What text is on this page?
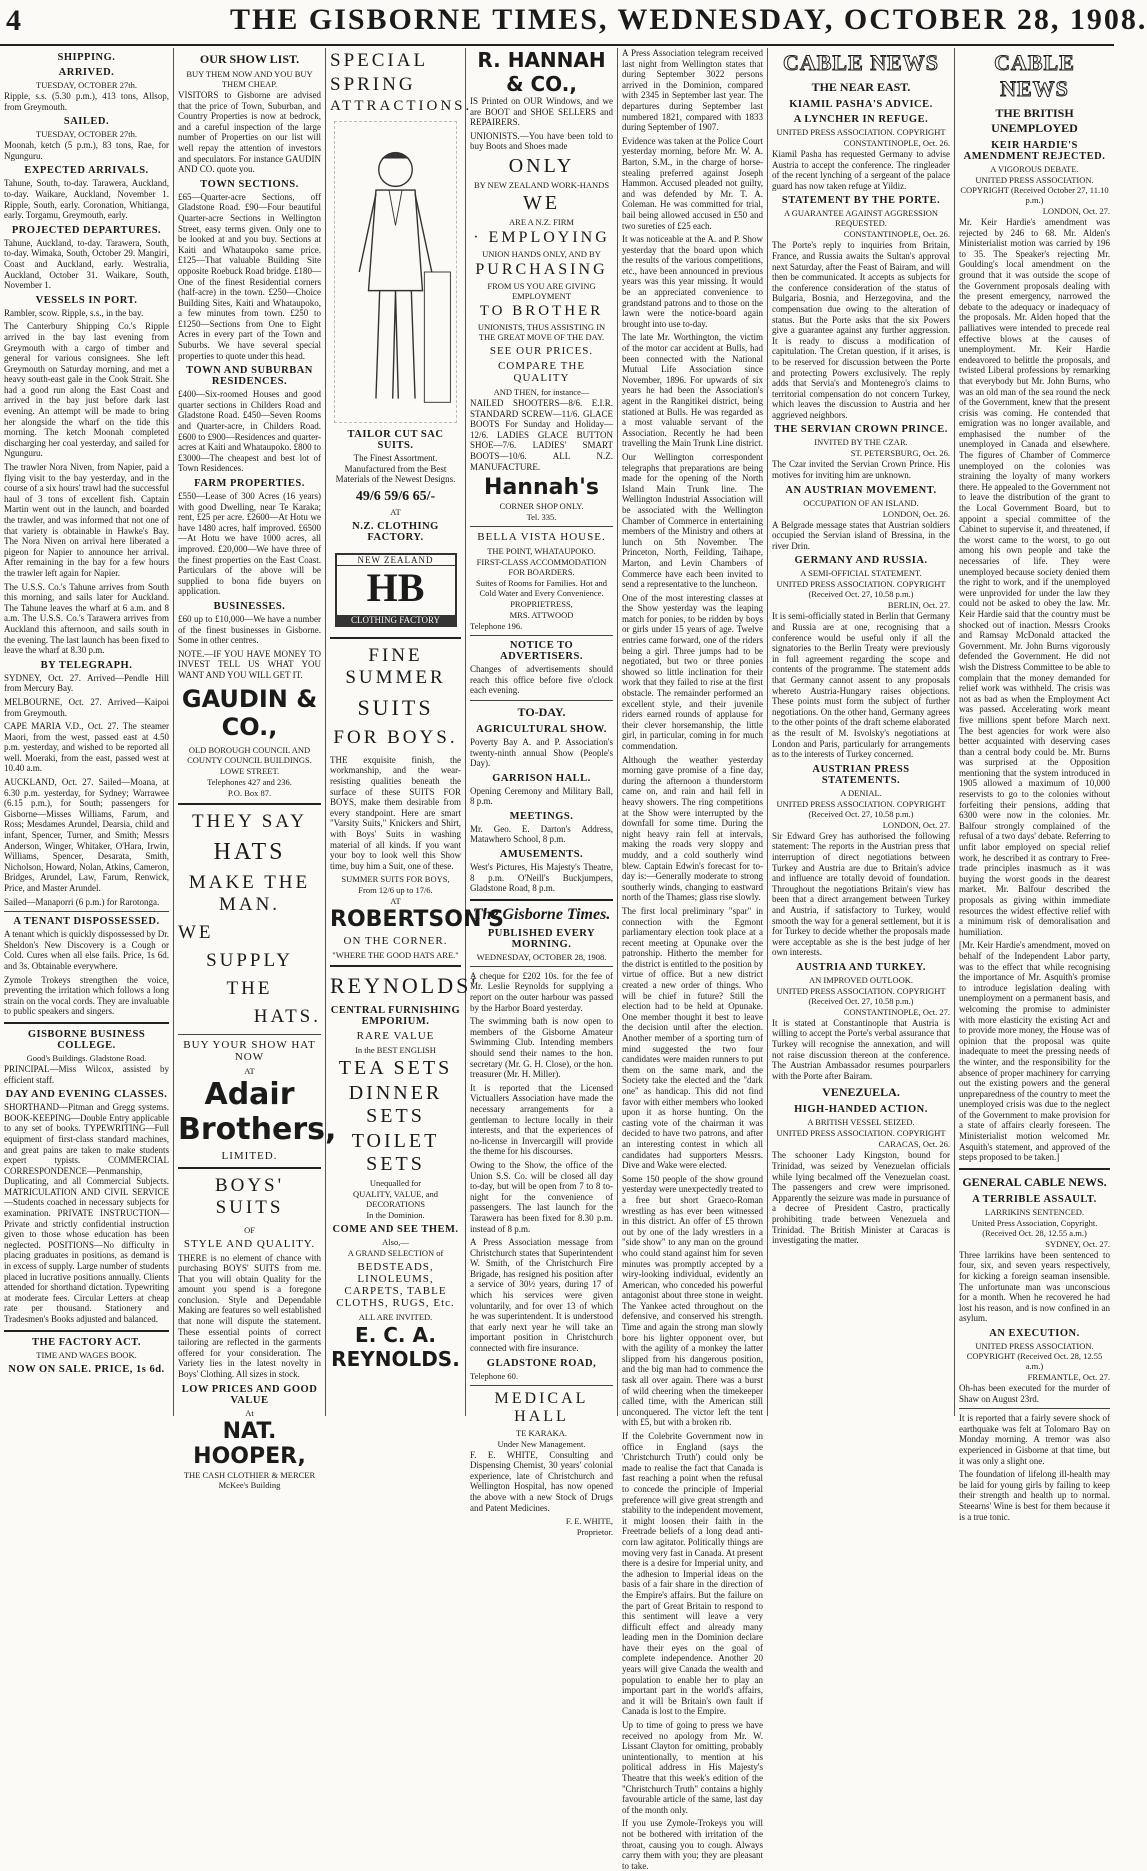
4	THE GISBORNE TIMES, WEDNESDAY, OCTOBER 28, 1908.
SHIPPING.
ARRIVED.
TUESDAY, OCTOBER 27th.

Ripple, s.s. (5.30 p.m.), 413 tons, Allsop, from Greymouth.

SAILED.
TUESDAY, OCTOBER 27th.

Moonah, ketch (5 p.m.), 83 tons, Rae, for Ngunguru.

EXPECTED ARRIVALS.

Tahune, South, to-day. Tarawera, Auckland, to-day. Waikare, Auckland, November 1. Ripple, South, early. Coronation, Whitianga, early. Torgamu, Greymouth, early.

PROJECTED DEPARTURES.

Tahune, Auckland, to-day. Tarawera, South, to-day. Wimaka, South, October 29. Mangiri, Coast and Auckland, early. Westralia, Auckland, October 31. Waikare, South, November 1.

VESSELS IN PORT.

Rambler, scow. Ripple, s.s., in the bay.

The Canterbury Shipping Co.'s Ripple arrived in the bay last evening from Greymouth with a cargo of timber and general for various consignees. She left Greymouth on Saturday morning, and met a heavy south-east gale in the Cook Strait. She had a good run along the East Coast and arrived in the bay just before dark last evening. An attempt will be made to bring her alongside the wharf on the tide this morning. The ketch Moonah completed discharging her coal yesterday, and sailed for Ngunguru.

The trawler Nora Niven, from Napier, paid a flying visit to the bay yesterday, and in the course of a six hours' trawl had the successful haul of 3 tons of excellent fish. Captain Martin went out in the launch, and boarded the trawler, and was informed that not one of that variety is obtainable in Hawke's Bay. The Nora Niven on arrival here liberated a pigeon for Napier to announce her arrival. After remaining in the bay for a few hours the trawler left again for Napier.

The U.S.S. Co.'s Tahune arrives from South this morning, and sails later for Auckland. The Tahune leaves the wharf at 6 a.m. and 8 a.m. The U.S.S. Co.'s Tarawera arrives from Auckland this afternoon, and sails south in the evening. The last launch has been fixed to leave the wharf at 8.30 p.m.

BY TELEGRAPH.

SYDNEY, Oct. 27. Arrived—Pendle Hill from Mercury Bay.

MELBOURNE, Oct. 27. Arrived—Kaipoi from Greymouth.

CAPE MARIA V.D., Oct. 27. The steamer Maori, from the west, passed east at 4.50 p.m. yesterday, and wished to be reported all well. Moeraki, from the east, passed west at 10.40 a.m.

AUCKLAND, Oct. 27. Sailed—Moana, at 6.30 p.m. yesterday, for Sydney; Warrawee (6.15 p.m.), for South; passengers for Gisborne—Misses Williams, Farum, and Ross; Mesdames Arundel, Dearsia, child and infant, Spencer, Turner, and Smith; Messrs Anderson, Winger, Whitaker, O'Hara, Irwin, Williams, Spencer, Desarata, Smith, Nicholson, Howard, Nolan, Atkins, Cameron, Bridges, Arundel, Law, Farum, Renwick, Price, and Master Arundel.

Sailed—Manaporri (6 p.m.) for Rarotonga.

A TENANT DISPOSSESSED.

A tenant which is quickly dispossessed by Dr. Sheldon's New Discovery is a Cough or Cold. Cures when all else fails. Price, 1s 6d. and 3s. Obtainable everywhere.

Zymole Trokeys strengthen the voice, preventing the irritation which follows a long strain on the vocal cords. They are invaluable to public speakers and singers.

GISBORNE BUSINESS COLLEGE.
Good's Buildings. Gladstone Road.

PRINCIPAL—Miss Wilcox, assisted by efficient staff.

DAY AND EVENING CLASSES.

SHORTHAND—Pitman and Gregg systems. BOOK-KEEPING—Double Entry applicable to any set of books. TYPEWRITING—Full equipment of first-class standard machines, and great pains are taken to make students expert typists. COMMERCIAL CORRESPONDENCE—Penmanship, Duplicating, and all Commercial Subjects. MATRICULATION AND CIVIL SERVICE—Students coached in necessary subjects for examination. PRIVATE INSTRUCTION—Private and strictly confidential instruction given to those whose education has been neglected. POSITIONS—No difficulty in placing graduates in positions, as demand is in excess of supply. Large number of students placed in lucrative positions annually. Clients attended for shorthand dictation. Typewriting at moderate fees. Circular Letters at cheap rate per thousand. Stationery and Tradesmen's Books adjusted and balanced.

THE FACTORY ACT.
TIME AND WAGES BOOK.
NOW ON SALE. PRICE, 1s 6d.
OUR SHOW LIST.
BUY THEM NOW AND YOU BUY THEM CHEAP.

VISITORS to Gisborne are advised that the price of Town, Suburban, and Country Properties is now at bedrock, and a careful inspection of the large number of Properties on our list will well repay the attention of investors and speculators. For instance GAUDIN AND CO. quote you.

TOWN SECTIONS.

£65—Quarter-acre Sections, off Gladstone Road. £90—Four beautiful Quarter-acre Sections in Wellington Street, easy terms given. Only one to be looked at and you buy. Sections at Kaiti and Whataupoko same price. £125—That valuable Building Site opposite Roebuck Road bridge. £180—One of the finest Residential corners (half-acre) in the town. £250—Choice Building Sites, Kaiti and Whataupoko, a few minutes from town. £250 to £1250—Sections from One to Eight Acres in every part of the Town and Suburbs. We have several special properties to quote under this head.

TOWN AND SUBURBAN RESIDENCES.

£400—Six-roomed Houses and good quarter sections in Childers Road and Gladstone Road. £450—Seven Rooms and Quarter-acre, in Childers Road. £600 to £900—Residences and quarter-acres at Kaiti and Whataupoko. £800 to £3000—The cheapest and best lot of Town Residences.

FARM PROPERTIES.

£550—Lease of 300 Acres (16 years) with good Dwelling, near Te Karaka; rent, £25 per acre. £2600—At Hotu we have 1480 acres, half improved. £6500—At Hotu we have 1000 acres, all improved. £20,000—We have three of the finest properties on the East Coast. Particulars of the above will be supplied to bona fide buyers on application.

BUSINESSES.

£60 up to £10,000—We have a number of the finest businesses in Gisborne. Some in other centres.

NOTE.—IF YOU HAVE MONEY TO INVEST TELL US WHAT YOU WANT AND YOU WILL GET IT.

GAUDIN & CO.,
OLD BOROUGH COUNCIL AND COUNTY COUNCIL BUILDINGS.
LOWE STREET.
Telephones 427 and 236.
P.O. Box 87.
THEY SAY
HATS
MAKE THE MAN.
WE
SUPPLY
THE
HATS.
BUY YOUR SHOW HAT NOW
AT
Adair
Brothers,
LIMITED.
BOYS' SUITS
OF
STYLE AND QUALITY.

THERE is no element of chance with purchasing BOYS' SUITS from me. That you will obtain Quality for the amount you spend is a foregone conclusion. Style and Dependable Making are features so well established that none will dispute the statement. These essential points of correct tailoring are reflected in the garments offered for your consideration. The Variety lies in the latest novelty in Boys' Clothing. All sizes in stock.

LOW PRICES AND GOOD VALUE
At
NAT. HOOPER,
THE CASH CLOTHIER & MERCER McKee's Building
SPECIAL
SPRING
ATTRACTIONS.
TAILOR CUT SAC SUITS.

The Finest Assortment. Manufactured from the Best Materials of the Newest Designs.

49/6 59/6 65/-
AT
N.Z. CLOTHING FACTORY.
NEW ZEALAND
HB
CLOTHING FACTORY
FINE SUMMER
SUITS
FOR BOYS.

THE exquisite finish, the workmanship, and the wear-resisting qualities beneath the surface of these SUITS FOR BOYS, make them desirable from every standpoint. Here are smart "Varsity Suits," Knickers and Shirt, with Boys' Suits in washing material of all kinds. If you want your boy to look well this Show time, buy him a Suit, one of these.

SUMMER SUITS FOR BOYS,
From 12/6 up to 17/6.
AT
ROBERTSON'S
ON THE CORNER.
"WHERE THE GOOD HATS ARE."
REYNOLDS'
CENTRAL FURNISHING EMPORIUM.
RARE VALUE
In the BEST ENGLISH
TEA SETS
DINNER SETS
TOILET SETS
Unequalled for
QUALITY, VALUE, and DECORATIONS
In the Dominion.
COME AND SEE THEM.
Also,—
A GRAND SELECTION of
BEDSTEADS, LINOLEUMS, CARPETS, TABLE CLOTHS, RUGS, Etc.
ALL ARE INVITED.
E. C. A. REYNOLDS.
R. HANNAH & CO.,

IS Printed on OUR Windows, and we are BOOT and SHOE SELLERS and REPAIRERS.

UNIONISTS.—You have been told to buy Boots and Shoes made

ONLY
BY NEW ZEALAND WORK-HANDS
WE
ARE A N.Z. FIRM
· EMPLOYING
UNION HANDS ONLY, AND BY
PURCHASING
FROM US YOU ARE GIVING EMPLOYMENT
TO BROTHER
UNIONISTS, THUS ASSISTING IN THE GREAT MOVE OF THE DAY.
SEE OUR PRICES.
COMPARE THE QUALITY
AND THEN, for instance—

NAILED SHOOTERS—8/6. E.I.R. STANDARD SCREW—11/6. GLACE BOOTS For Sunday and Holiday—12/6. LADIES GLACE BUTTON SHOE—7/6. LADIES' SMART BOOTS—10/6. ALL N.Z. MANUFACTURE.

Hannah's
CORNER SHOP ONLY.
Tel. 335.
BELLA VISTA HOUSE.
THE POINT, WHATAUPOKO.
FIRST-CLASS ACCOMMODATION FOR BOARDERS.
Suites of Rooms for Families. Hot and Cold Water and Every Convenience.
PROPRIETRESS,
MRS. ATTWOOD
Telephone 196.
NOTICE TO ADVERTISERS.

Changes of advertisements should reach this office before five o'clock each evening.

TO-DAY.
AGRICULTURAL SHOW.

Poverty Bay A. and P. Association's twenty-ninth annual Show (People's Day).

GARRISON HALL.

Opening Ceremony and Military Ball, 8 p.m.

MEETINGS.

Mr. Geo. E. Darton's Address, Matawhero School, 8 p.m.

AMUSEMENTS.

West's Pictures, His Majesty's Theatre, 8 p.m. O'Neill's Buckjumpers, Gladstone Road, 8 p.m.

The Gisborne Times.
PUBLISHED EVERY MORNING.
WEDNESDAY, OCTOBER 28, 1908.

A cheque for £202 10s. for the fee of Mr. Leslie Reynolds for supplying a report on the outer harbour was passed by the Harbor Board yesterday.

The swimming bath is now open to members of the Gisborne Amateur Swimming Club. Intending members should send their names to the hon. secretary (Mr. G. H. Close), or the hon. treasurer (Mr. H. Miller).

It is reported that the Licensed Victuallers Association have made the necessary arrangements for a gentleman to lecture locally in their interests, and that the experiences of no-license in Invercargill will provide the theme for his discourses.

Owing to the Show, the office of the Union S.S. Co. will be closed all day to-day, but will be open from 7 to 8 to-night for the convenience of passengers. The last launch for the Tarawera has been fixed for 8.30 p.m. instead of 8 p.m.

A Press Association message from Christchurch states that Superintendent W. Smith, of the Christchurch Fire Brigade, has resigned his position after a service of 30½ years, during 17 of which his services were given voluntarily, and for over 13 of which he was superintendent. It is understood that early next year he will take an important position in Christchurch connected with fire insurance.

GLADSTONE ROAD,
Telephone 60.
MEDICAL HALL
TE KARAKA.
Under New Management.

F. E. WHITE, Consulting and Dispensing Chemist, 30 years' colonial experience, late of Christchurch and Wellington Hospital, has now opened the above with a new Stock of Drugs and Patent Medicines.

F. E. WHITE,
Proprietor.

A Press Association telegram received last night from Wellington states that during September 3022 persons arrived in the Dominion, compared with 2345 in September last year. The departures during September last numbered 1821, compared with 1833 during September of 1907.

Evidence was taken at the Police Court yesterday morning, before Mr. W. A. Barton, S.M., in the charge of horse-stealing preferred against Joseph Hammon. Accused pleaded not guilty, and was defended by Mr. T. A. Coleman. He was committed for trial, bail being allowed accused in £50 and two sureties of £25 each.

It was noticeable at the A. and P. Show yesterday that the board upon which the results of the various competitions, etc., have been announced in previous years was this year missing. It would be an appreciated convenience to grandstand patrons and to those on the lawn were the notice-board again brought into use to-day.

The late Mr. Worthington, the victim of the motor car accident at Bulls, had been connected with the National Mutual Life Association since November, 1896. For upwards of six years he had been the Association's agent in the Rangitikei district, being stationed at Bulls. He was regarded as a most valuable servant of the Association. Recently he had been travelling the Main Trunk Line district.

Our Wellington correspondent telegraphs that preparations are being made for the opening of the North Island Main Trunk line. The Wellington Industrial Association will be associated with the Wellington Chamber of Commerce in entertaining members of the Ministry and others at lunch on 5th November. The Princeton, North, Feilding, Taihape, Marton, and Levin Chambers of Commerce have each been invited to send a representative to the luncheon.

One of the most interesting classes at the Show yesterday was the leaping match for ponies, to be ridden by boys or girls under 15 years of age. Twelve entries came forward, one of the riders being a girl. Three jumps had to be negotiated, but two or three ponies showed so little inclination for their work that they failed to rise at the first obstacle. The remainder performed an excellent style, and their juvenile riders earned rounds of applause for their clever horsemanship, the little girl, in particular, coming in for much commendation.

Although the weather yesterday morning gave promise of a fine day, during the afternoon a thunderstorm came on, and rain and hail fell in heavy showers. The ring competitions at the Show were interrupted by the downfall for some time. During the night heavy rain fell at intervals, making the roads very sloppy and muddy, and a cold southerly wind blew. Captain Edwin's forecast for to-day is:—Generally moderate to strong southerly winds, changing to eastward north of the Thames; glass rise slowly.

The first local preliminary "spar" in connection with the Egmont parliamentary election took place at a recent meeting at Opunake over the patronship. Hitherto the member for the district is entitled to the position by virtue of office. But a new district created a new order of things. Who will be chief in future? Still the election had to be held at Opunake. One member thought it best to leave the decision until after the election. Another member of a sporting turn of mind suggested the two four candidates were maiden runners to put them on the same mark, and the Society take the elected and the "dark one" as handicap. This did not find favor with either members who looked upon it as horse hunting. On the casting vote of the chairman it was decided to have two patrons, and after an interesting contest in which all candidates had supporters Messrs. Dive and Wake were elected.

Some 150 people of the show ground yesterday were unexpectedly treated to a free but short Graeco-Roman wrestling as has ever been witnessed in this district. An offer of £5 thrown out by one of the lady wrestlers in a "side show" to any man on the ground who could stand against him for seven minutes was promptly accepted by a wiry-looking individual, evidently an American, who conceded his powerful antagonist about three stone in weight. The Yankee acted throughout on the defensive, and conserved his strength. Time and again the strong man slowly bore his lighter opponent over, but with the agility of a monkey the latter slipped from his dangerous position, and the big man had to commence the task all over again. There was a burst of wild cheering when the timekeeper called time, with the American still unconquered. The victor left the tent with £5, but with a broken rib.

If the Colebrite Government now in office in England (says the 'Christchurch Truth') could only be made to realise the fact that Canada is fast reaching a point when the refusal to concede the principle of Imperial preference will give great strength and stability to the independent movement, it might loosen their faith in the Freetrade beliefs of a long dead anti-corn law agitator. Politically things are moving very fast in Canada. At present there is a desire for Imperial unity, and the adhesion to Imperial ideas on the basis of a fair share in the direction of the Empire's affairs. But the failure on the part of Great Britain to respond to this sentiment will leave a very difficult effect and already many leading men in the Dominion declare have their eyes on the goal of complete independence. Another 20 years will give Canada the wealth and population to enable her to play an important part in the world's affairs, and it will be Britain's own fault if Canada is lost to the Empire.

Up to time of going to press we have received no apology from Mr. W. Lissant Clayton for omitting, probably unintentionally, to mention at his political address in His Majesty's Theatre that this week's edition of the "Christchurch Truth" contains a highly favourable article of the same, last day of the month only.

If you use Zymole-Trokeys you will not be bothered with irritation of the throat, causing you to cough. Always carry them with you; they are pleasant to take.

CABLE NEWS
THE NEAR EAST.
KIAMIL PASHA'S ADVICE.
A LYNCHER IN REFUGE.
UNITED PRESS ASSOCIATION. COPYRIGHT
CONSTANTINOPLE, Oct. 26.

Kiamil Pasha has requested Germany to advise Austria to accept the conference. The ringleader of the recent lynching of a sergeant of the palace guard has now taken refuge at Yildiz.

STATEMENT BY THE PORTE.
A GUARANTEE AGAINST AGGRESSION REQUESTED.
CONSTANTINOPLE, Oct. 26.

The Porte's reply to inquiries from Britain, France, and Russia awaits the Sultan's approval next Saturday, after the Feast of Bairam, and will then be communicated. It accepts as subjects for the conference consideration of the status of Bulgaria, Bosnia, and Herzegovina, and the compensation due owing to the alteration of status. But the Porte asks that the six Powers give a guarantee against any further aggression. It is ready to discuss a modification of capitulation. The Cretan question, if it arises, is to be reserved for discussion between the Porte and protecting Powers exclusively. The reply adds that Servia's and Montenegro's claims to territorial compensation do not concern Turkey, which leaves the discussion to Austria and her aggrieved neighbors.

THE SERVIAN CROWN PRINCE.
INVITED BY THE CZAR.
ST. PETERSBURG, Oct. 26.

The Czar invited the Servian Crown Prince. His motives for inviting him are unknown.

AN AUSTRIAN MOVEMENT.
OCCUPATION OF AN ISLAND.
LONDON, Oct. 26.

A Belgrade message states that Austrian soldiers occupied the Servian island of Bressina, in the river Drin.

GERMANY AND RUSSIA.
A SEMI-OFFICIAL STATEMENT.
UNITED PRESS ASSOCIATION. COPYRIGHT (Received Oct. 27, 10.58 p.m.)
BERLIN, Oct. 27.

It is semi-officially stated in Berlin that Germany and Russia are at one, recognising that a conference would be useful only if all the signatories to the Berlin Treaty were previously in full agreement regarding the scope and contents of the programme. The statement adds that Germany cannot assent to any proposals whereto Austria-Hungary raises objections. These points must form the subject of further negotiations. On the other hand, Germany agrees to the other points of the draft scheme elaborated as the result of M. Isvolsky's negotiations at London and Paris, particularly for arrangements as to the interests of Turkey concerned.

AUSTRIAN PRESS STATEMENTS.
A DENIAL.
UNITED PRESS ASSOCIATION. COPYRIGHT (Received Oct. 27, 10.58 p.m.)
LONDON, Oct. 27.

Sir Edward Grey has authorised the following statement: The reports in the Austrian press that interruption of direct negotiations between Turkey and Austria are due to Britain's advice and influence are totally devoid of foundation. Throughout the negotiations Britain's view has been that a direct arrangement between Turkey and Austria, if satisfactory to Turkey, would smooth the way for a general settlement, but it is for Turkey to decide whether the proposals made were acceptable as she is the best judge of her own interests.

AUSTRIA AND TURKEY.
AN IMPROVED OUTLOOK.
UNITED PRESS ASSOCIATION. COPYRIGHT (Received Oct. 27, 10.58 p.m.)
CONSTANTINOPLE, Oct. 27.

It is stated at Constantinople that Austria is willing to accept the Porte's verbal assurance that Turkey will recognise the annexation, and will not raise discussion thereon at the conference. The Austrian Ambassador resumes pourparlers with the Porte after Bairam.

VENEZUELA.
HIGH-HANDED ACTION.
A BRITISH VESSEL SEIZED.
UNITED PRESS ASSOCIATION. COPYRIGHT
CARACAS, Oct. 26.

The schooner Lady Kingston, bound for Trinidad, was seized by Venezuelan officials while lying becalmed off the Venezuelan coast. The passengers and crew were imprisoned. Apparently the seizure was made in pursuance of a decree of President Castro, practically prohibiting trade between Venezuela and Trinidad. The British Minister at Caracas is investigating the matter.

CABLE NEWS
THE BRITISH UNEMPLOYED
KEIR HARDIE'S AMENDMENT REJECTED.
A VIGOROUS DEBATE.
UNITED PRESS ASSOCIATION. COPYRIGHT (Received October 27, 11.10 p.m.)
LONDON, Oct. 27.

Mr. Keir Hardie's amendment was rejected by 246 to 68. Mr. Alden's Ministerialist motion was carried by 196 to 35. The Speaker's rejecting Mr. Goulding's local amendment on the ground that it was outside the scope of the Government proposals dealing with the present emergency, narrowed the debate to the adequacy or inadequacy of the proposals. Mr. Alden hoped that the palliatives were intended to precede real effective blows at the causes of unemployment. Mr. Keir Hardie endeavored to belittle the proposals, and twisted Liberal professions by remarking that everybody but Mr. John Burns, who was an old man of the sea round the neck of the Government, knew that the present crisis was coming. He contended that emigration was no longer available, and emphasised the number of the unemployed in Canada and elsewhere. The figures of Chamber of Commerce unemployed on the colonies was straining the loyalty of many workers there. He appealed to the Government not to leave the distribution of the grant to the Local Government Board, but to appoint a special committee of the Cabinet to supervise it, and threatened, if the worst came to the worst, to go out among his own people and take the necessaries of life. They were unemployed because society denied them the right to work, and if the unemployed were unprovided for under the law they could not be asked to obey the law. Mr. Keir Hardie said that the country must be shocked out of inaction. Messrs Crooks and Ramsay McDonald attacked the Government. Mr. John Burns vigorously defended the Government. He did not wish the Distress Committee to be able to complain that the money demanded for relief work was withheld. The crisis was not as bad as when the Employment Act was passed. Accelerating work meant five millions spent before March next. The best agencies for work were also better acquainted with deserving cases than a central body could be. Mr. Burns was surprised at the Opposition mentioning that the system introduced in 1905 allowed a maximum of 10,000 reservists to go to the colonies without forfeiting their pensions, adding that 6300 were now in the colonies. Mr. Balfour strongly complained of the refusal of a two days' debate. Referring to unfit labor employed on special relief work, he described it as contrary to Free-trade principles inasmuch as it was buying the worst goods in the dearest market. Mr. Balfour described the proposals as giving within immediate resources the widest effective relief with a minimum risk of demoralisation and humiliation.

[Mr. Keir Hardie's amendment, moved on behalf of the Independent Labor party, was to the effect that while recognising the importance of Mr. Asquith's promise to introduce legislation dealing with unemployment on a permanent basis, and welcoming the promise to administer with more elasticity the existing Act and to provide more money, the House was of opinion that the proposal was quite inadequate to meet the pressing needs of the winter, and the responsibility for the absence of proper machinery for carrying out the existing powers and the general unpreparedness of the country to meet the unemployed crisis was due to the neglect of the Government to make provision for a state of affairs clearly foreseen. The Ministerialist motion welcomed Mr. Asquith's statement, and approved of the steps proposed to be taken.]

GENERAL CABLE NEWS.
A TERRIBLE ASSAULT.
LARRIKINS SENTENCED.
United Press Association, Copyright. (Received Oct. 28, 12.55 a.m.)
SYDNEY, Oct. 27.

Three larrikins have been sentenced to four, six, and seven years respectively, for kicking a foreign seaman insensible. The unfortunate man was unconscious for a month. When he recovered he had lost his reason, and is now confined in an asylum.

AN EXECUTION.
UNITED PRESS ASSOCIATION. COPYRIGHT (Received Oct. 28, 12.55 a.m.)
FREMANTLE, Oct. 27.

Oh-has been executed for the murder of Shaw on August 23rd.

It is reported that a fairly severe shock of earthquake was felt at Tolomaro Bay on Monday morning. A tremor was also experienced in Gisborne at that time, but it was only a slight one.

The foundation of lifelong ill-health may be laid for young girls by failing to keep their strength and health up to normal. Steearns' Wine is best for them because it is a true tonic.
